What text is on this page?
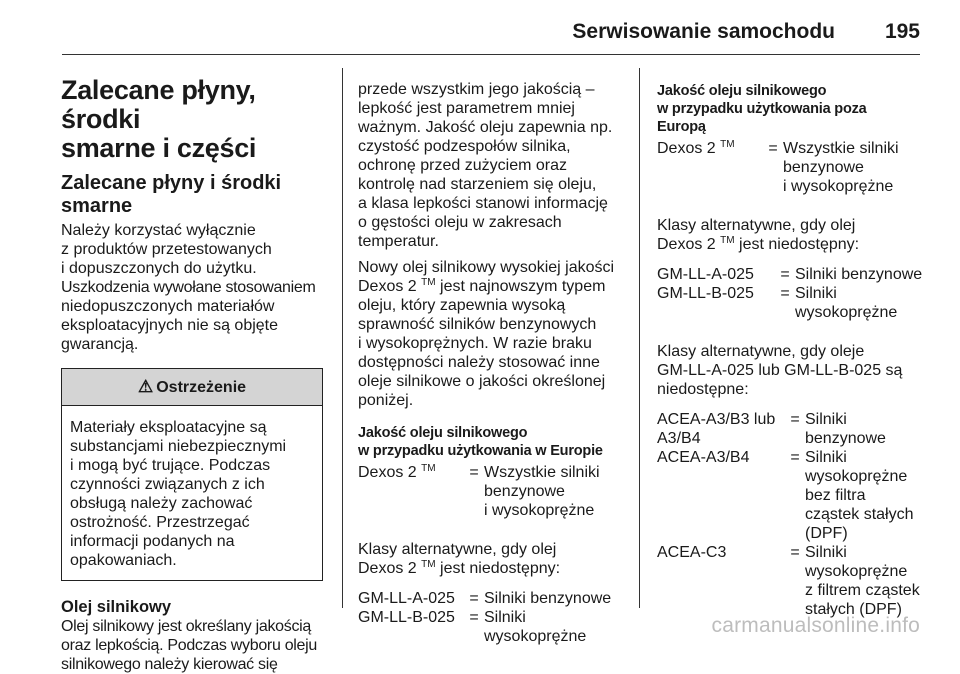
Serwisowanie samochodu 195
Zalecane płyny, środki
smarne i części
Zalecane płyny i środki
smarne

Należy korzystać wyłącznie
z produktów przetestowanych
i dopuszczonych do użytku.
Uszkodzenia wywołane stosowaniem
niedopuszczonych materiałów
eksploatacyjnych nie są objęte
gwarancją.

⚠ Ostrzeżenie
Materiały eksploatacyjne są
substancjami niebezpiecznymi
i mogą być trujące. Podczas
czynności związanych z ich
obsługą należy zachować
ostrożność. Przestrzegać
informacji podanych na
opakowaniach.
Olej silnikowy

Olej silnikowy jest określany jakością
oraz lepkością. Podczas wyboru oleju
silnikowego należy kierować się

przede wszystkim jego jakością –
lepkość jest parametrem mniej
ważnym. Jakość oleju zapewnia np.
czystość podzespołów silnika,
ochronę przed zużyciem oraz
kontrolę nad starzeniem się oleju,
a klasa lepkości stanowi informację
o gęstości oleju w zakresach
temperatur.

Nowy olej silnikowy wysokiej jakości
Dexos 2 ™ jest najnowszym typem
oleju, który zapewnia wysoką
sprawność silników benzynowych
i wysokoprężnych. W razie braku
dostępności należy stosować inne
oleje silnikowe o jakości określonej
poniżej.

Jakość oleju silnikowego
w przypadku użytkowania w Europie
Dexos 2 ™	= Wszystkie silniki
benzynowe
i wysokoprężne

Klasy alternatywne, gdy olej
Dexos 2 ™ jest niedostępny:

GM-LL-A-025 = Silniki benzynowe
GM-LL-B-025 = Silniki
wysokoprężne
Jakość oleju silnikowego
w przypadku użytkowania poza
Europą
Dexos 2 ™	= Wszystkie silniki
benzynowe
i wysokoprężne

Klasy alternatywne, gdy olej
Dexos 2 ™ jest niedostępny:

GM-LL-A-025	= Silniki benzynowe
GM-LL-B-025	= Silniki
wysokoprężne

Klasy alternatywne, gdy oleje
GM-LL-A-025 lub GM-LL-B-025 są
niedostępne:

ACEA-A3/B3 lub
A3/B4
= Silniki
benzynowe
ACEA-A3/B4	= Silniki
wysokoprężne
bez filtra
cząstek stałych
(DPF)
ACEA-C3	= Silniki
wysokoprężne
z filtrem cząstek
stałych (DPF)
carmanualsonline.info
